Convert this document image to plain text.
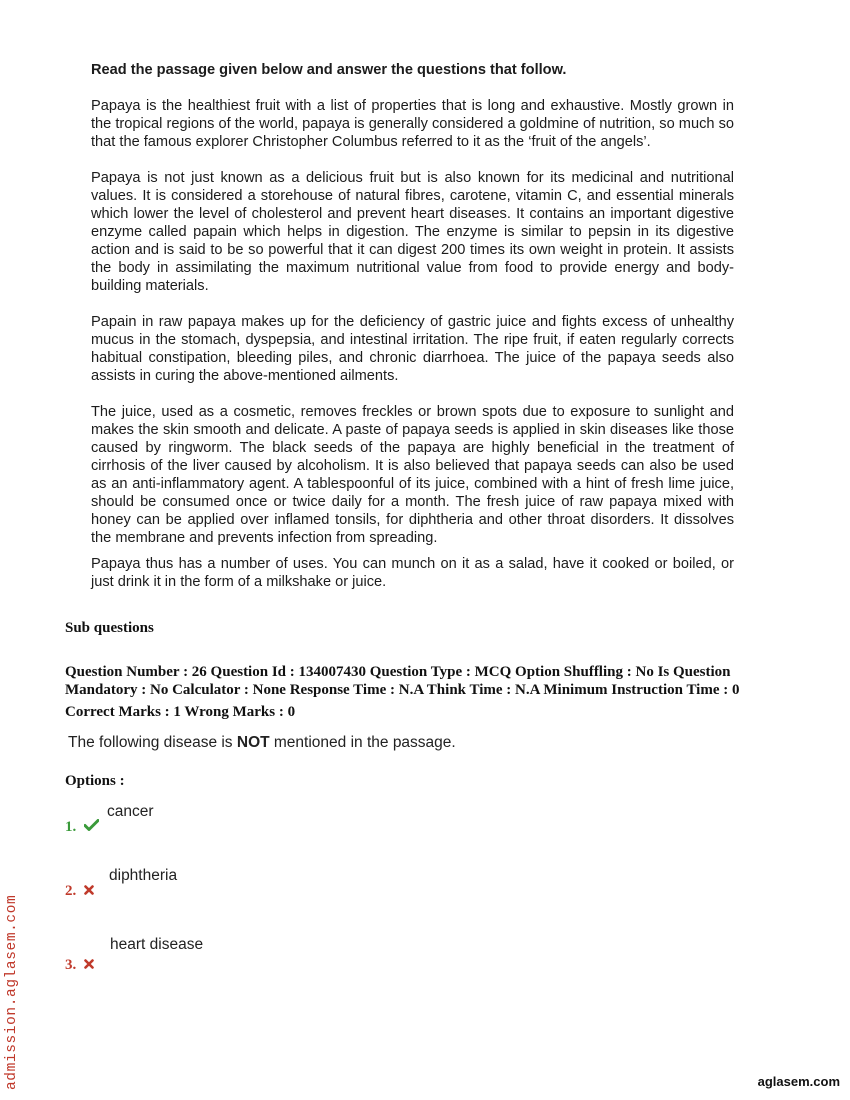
Read the passage given below and answer the questions that follow.

Papaya is the healthiest fruit with a list of properties that is long and exhaustive. Mostly grown in the tropical regions of the world, papaya is generally considered a goldmine of nutrition, so much so that the famous explorer Christopher Columbus referred to it as the ‘fruit of the angels’.

Papaya is not just known as a delicious fruit but is also known for its medicinal and nutritional values. It is considered a storehouse of natural fibres, carotene, vitamin C, and essential minerals which lower the level of cholesterol and prevent heart diseases. It contains an important digestive enzyme called papain which helps in digestion. The enzyme is similar to pepsin in its digestive action and is said to be so powerful that it can digest 200 times its own weight in protein. It assists the body in assimilating the maximum nutritional value from food to provide energy and body-building materials.

Papain in raw papaya makes up for the deficiency of gastric juice and fights excess of unhealthy mucus in the stomach, dyspepsia, and intestinal irritation. The ripe fruit, if eaten regularly corrects habitual constipation, bleeding piles, and chronic diarrhoea. The juice of the papaya seeds also assists in curing the above-mentioned ailments.

The juice, used as a cosmetic, removes freckles or brown spots due to exposure to sunlight and makes the skin smooth and delicate. A paste of papaya seeds is applied in skin diseases like those caused by ringworm. The black seeds of the papaya are highly beneficial in the treatment of cirrhosis of the liver caused by alcoholism. It is also believed that papaya seeds can also be used as an anti-inflammatory agent. A tablespoonful of its juice, combined with a hint of fresh lime juice, should be consumed once or twice daily for a month. The fresh juice of raw papaya mixed with honey can be applied over inflamed tonsils, for diphtheria and other throat disorders. It dissolves the membrane and prevents infection from spreading.

Papaya thus has a number of uses. You can munch on it as a salad, have it cooked or boiled, or just drink it in the form of a milkshake or juice.

Sub questions
Question Number : 26 Question Id : 134007430 Question Type : MCQ Option Shuffling : No Is Question
Mandatory : No Calculator : None Response Time : N.A Think Time : N.A Minimum Instruction Time : 0
Correct Marks : 1 Wrong Marks : 0
The following disease is NOT mentioned in the passage.
Options :
cancer
1.
diphtheria
2.
heart disease
3.
admission.aglasem.com	aglasem.com
